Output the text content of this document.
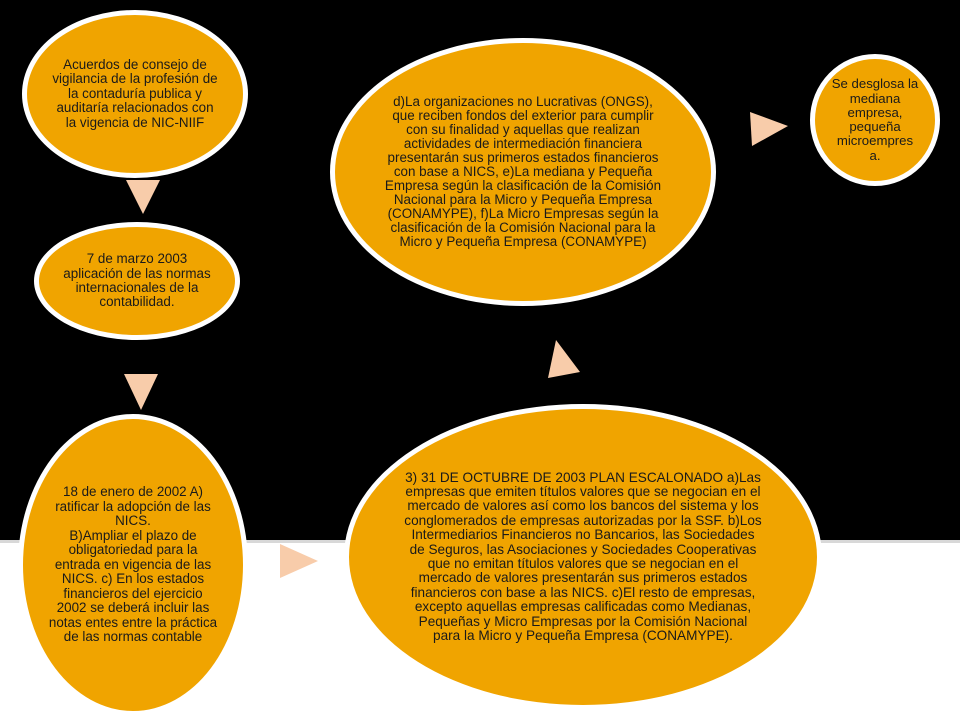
Acuerdos de consejo de vigilancia de la profesión de la contaduría publica y auditaría relacionados con la vigencia de NIC-NIIF
7 de marzo 2003 aplicación de las normas internacionales de la contabilidad.
18 de enero de 2002 A) ratificar la adopción de las NICS.
B)Ampliar el plazo de obligatoriedad para la entrada en vigencia de las NICS. c) En los estados financieros del ejercicio 2002 se deberá incluir las notas entes entre la práctica de las normas contable
3) 31 DE OCTUBRE DE 2003 PLAN ESCALONADO a)Las empresas que emiten títulos valores que se negocian en el mercado de valores así como los bancos del sistema y los conglomerados de empresas autorizadas por la SSF. b)Los Intermediarios Financieros no Bancarios, las Sociedades de Seguros, las Asociaciones y Sociedades Cooperativas que no emitan títulos valores que se negocian en el mercado de valores presentarán sus primeros estados financieros con base a las NICS. c)El resto de empresas, excepto aquellas empresas calificadas como Medianas, Pequeñas y Micro Empresas por la Comisión Nacional para la Micro y Pequeña Empresa (CONAMYPE).
d)La organizaciones no Lucrativas (ONGS), que reciben fondos del exterior para cumplir con su finalidad y aquellas que realizan actividades de intermediación financiera presentarán sus primeros estados financieros con base a NICS, e)La mediana y Pequeña Empresa según la clasificación de la Comisión Nacional para la Micro y Pequeña Empresa (CONAMYPE), f)La Micro Empresas según la clasificación de la Comisión Nacional para la Micro y Pequeña Empresa (CONAMYPE)
Se desglosa la mediana empresa, pequeña microempres a.
